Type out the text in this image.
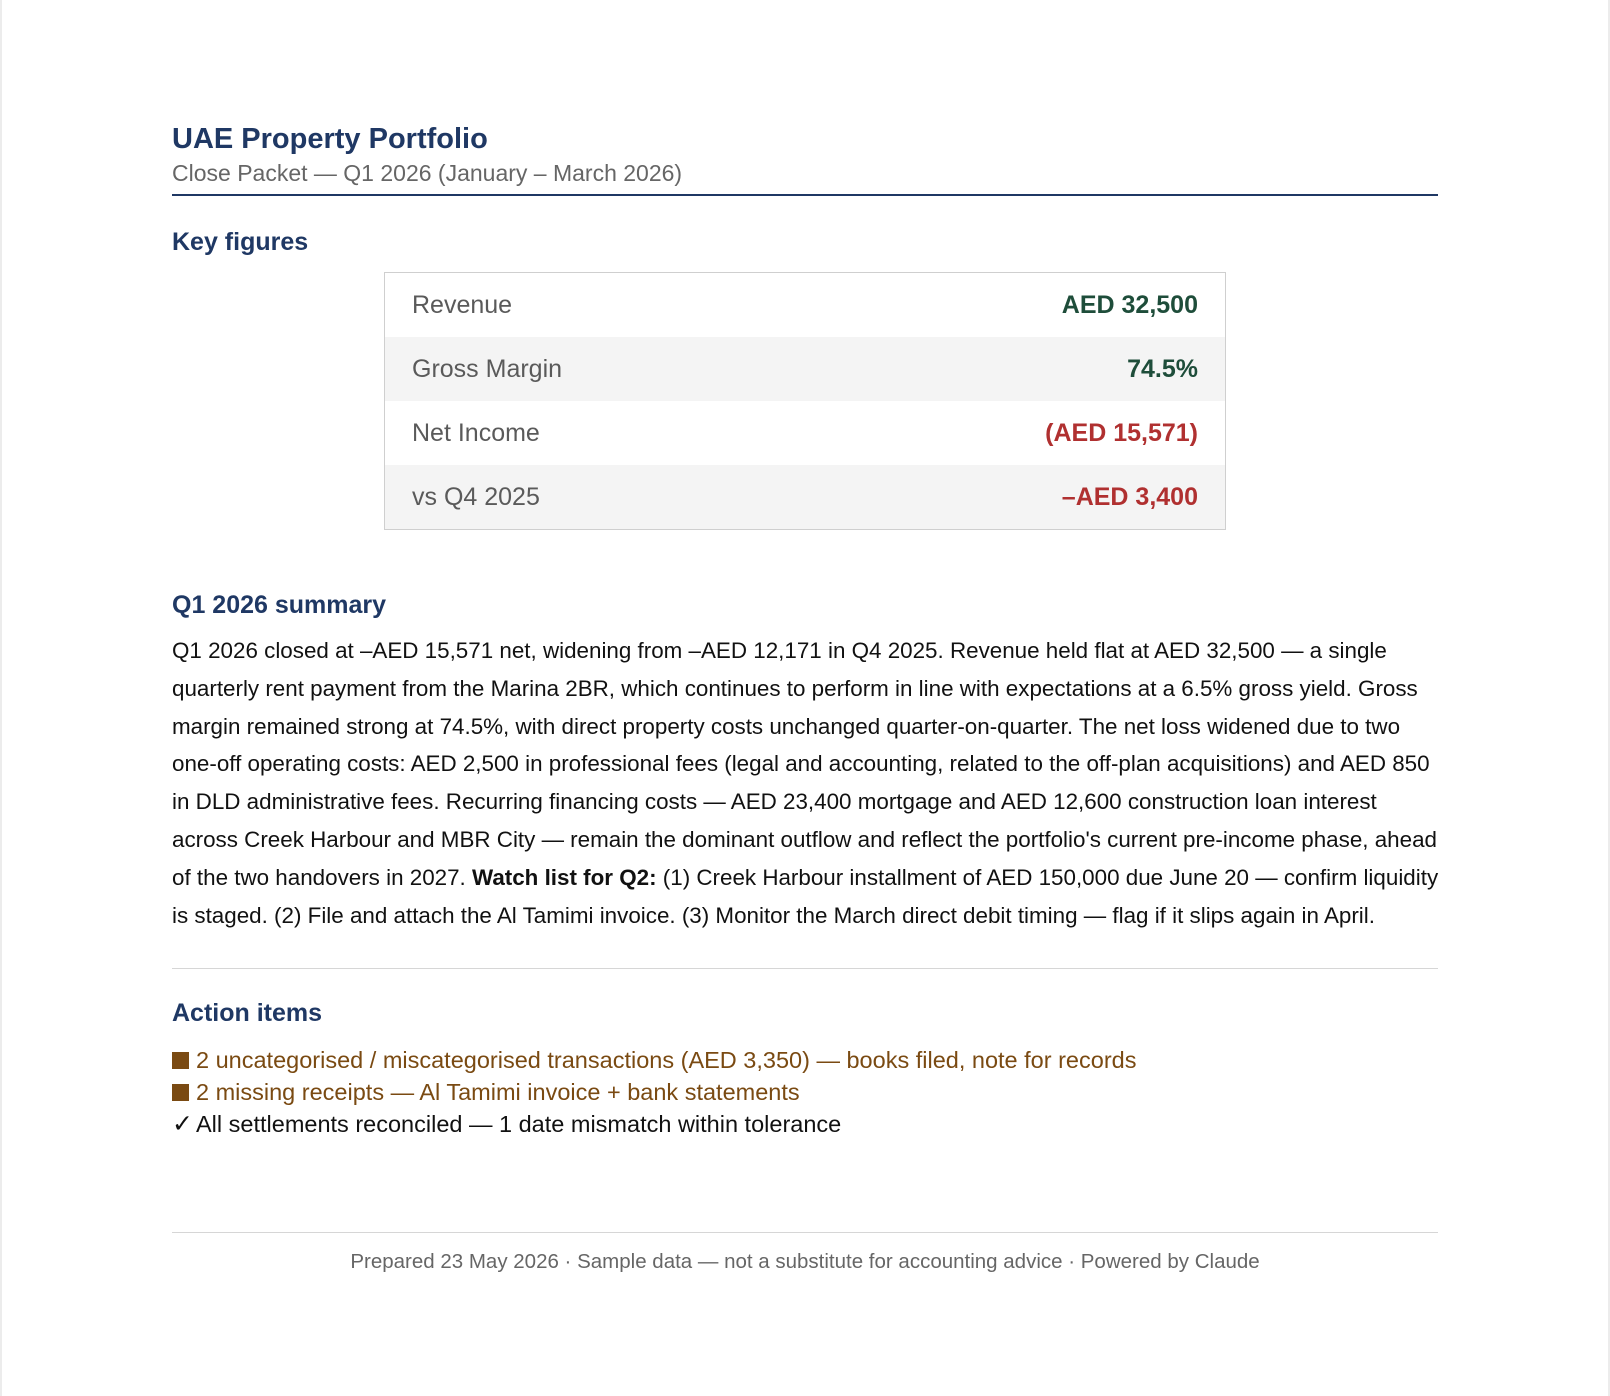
UAE Property Portfolio
Close Packet — Q1 2026 (January – March 2026)
Key figures
Revenue	AED 32,500
Gross Margin	74.5%
Net Income	(AED 15,571)
vs Q4 2025	–AED 3,400
Q1 2026 summary

Q1 2026 closed at –AED 15,571 net, widening from –AED 12,171 in Q4 2025. Revenue held flat at AED 32,500 — a single quarterly rent payment from the Marina 2BR, which continues to perform in line with expectations at a 6.5% gross yield. Gross margin remained strong at 74.5%, with direct property costs unchanged quarter-on-quarter. The net loss widened due to two one-off operating costs: AED 2,500 in professional fees (legal and accounting, related to the off-plan acquisitions) and AED 850 in DLD administrative fees. Recurring financing costs — AED 23,400 mortgage and AED 12,600 construction loan interest across Creek Harbour and MBR City — remain the dominant outflow and reflect the portfolio's current pre-income phase, ahead of the two handovers in 2027. Watch list for Q2: (1) Creek Harbour installment of AED 150,000 due June 20 — confirm liquidity is staged. (2) File and attach the Al Tamimi invoice. (3) Monitor the March direct debit timing — flag if it slips again in April.

Action items
2 uncategorised / miscategorised transactions (AED 3,350) — books filed, note for records
2 missing receipts — Al Tamimi invoice + bank statements
✓ All settlements reconciled — 1 date mismatch within tolerance
Prepared 23 May 2026 · Sample data — not a substitute for accounting advice · Powered by Claude
